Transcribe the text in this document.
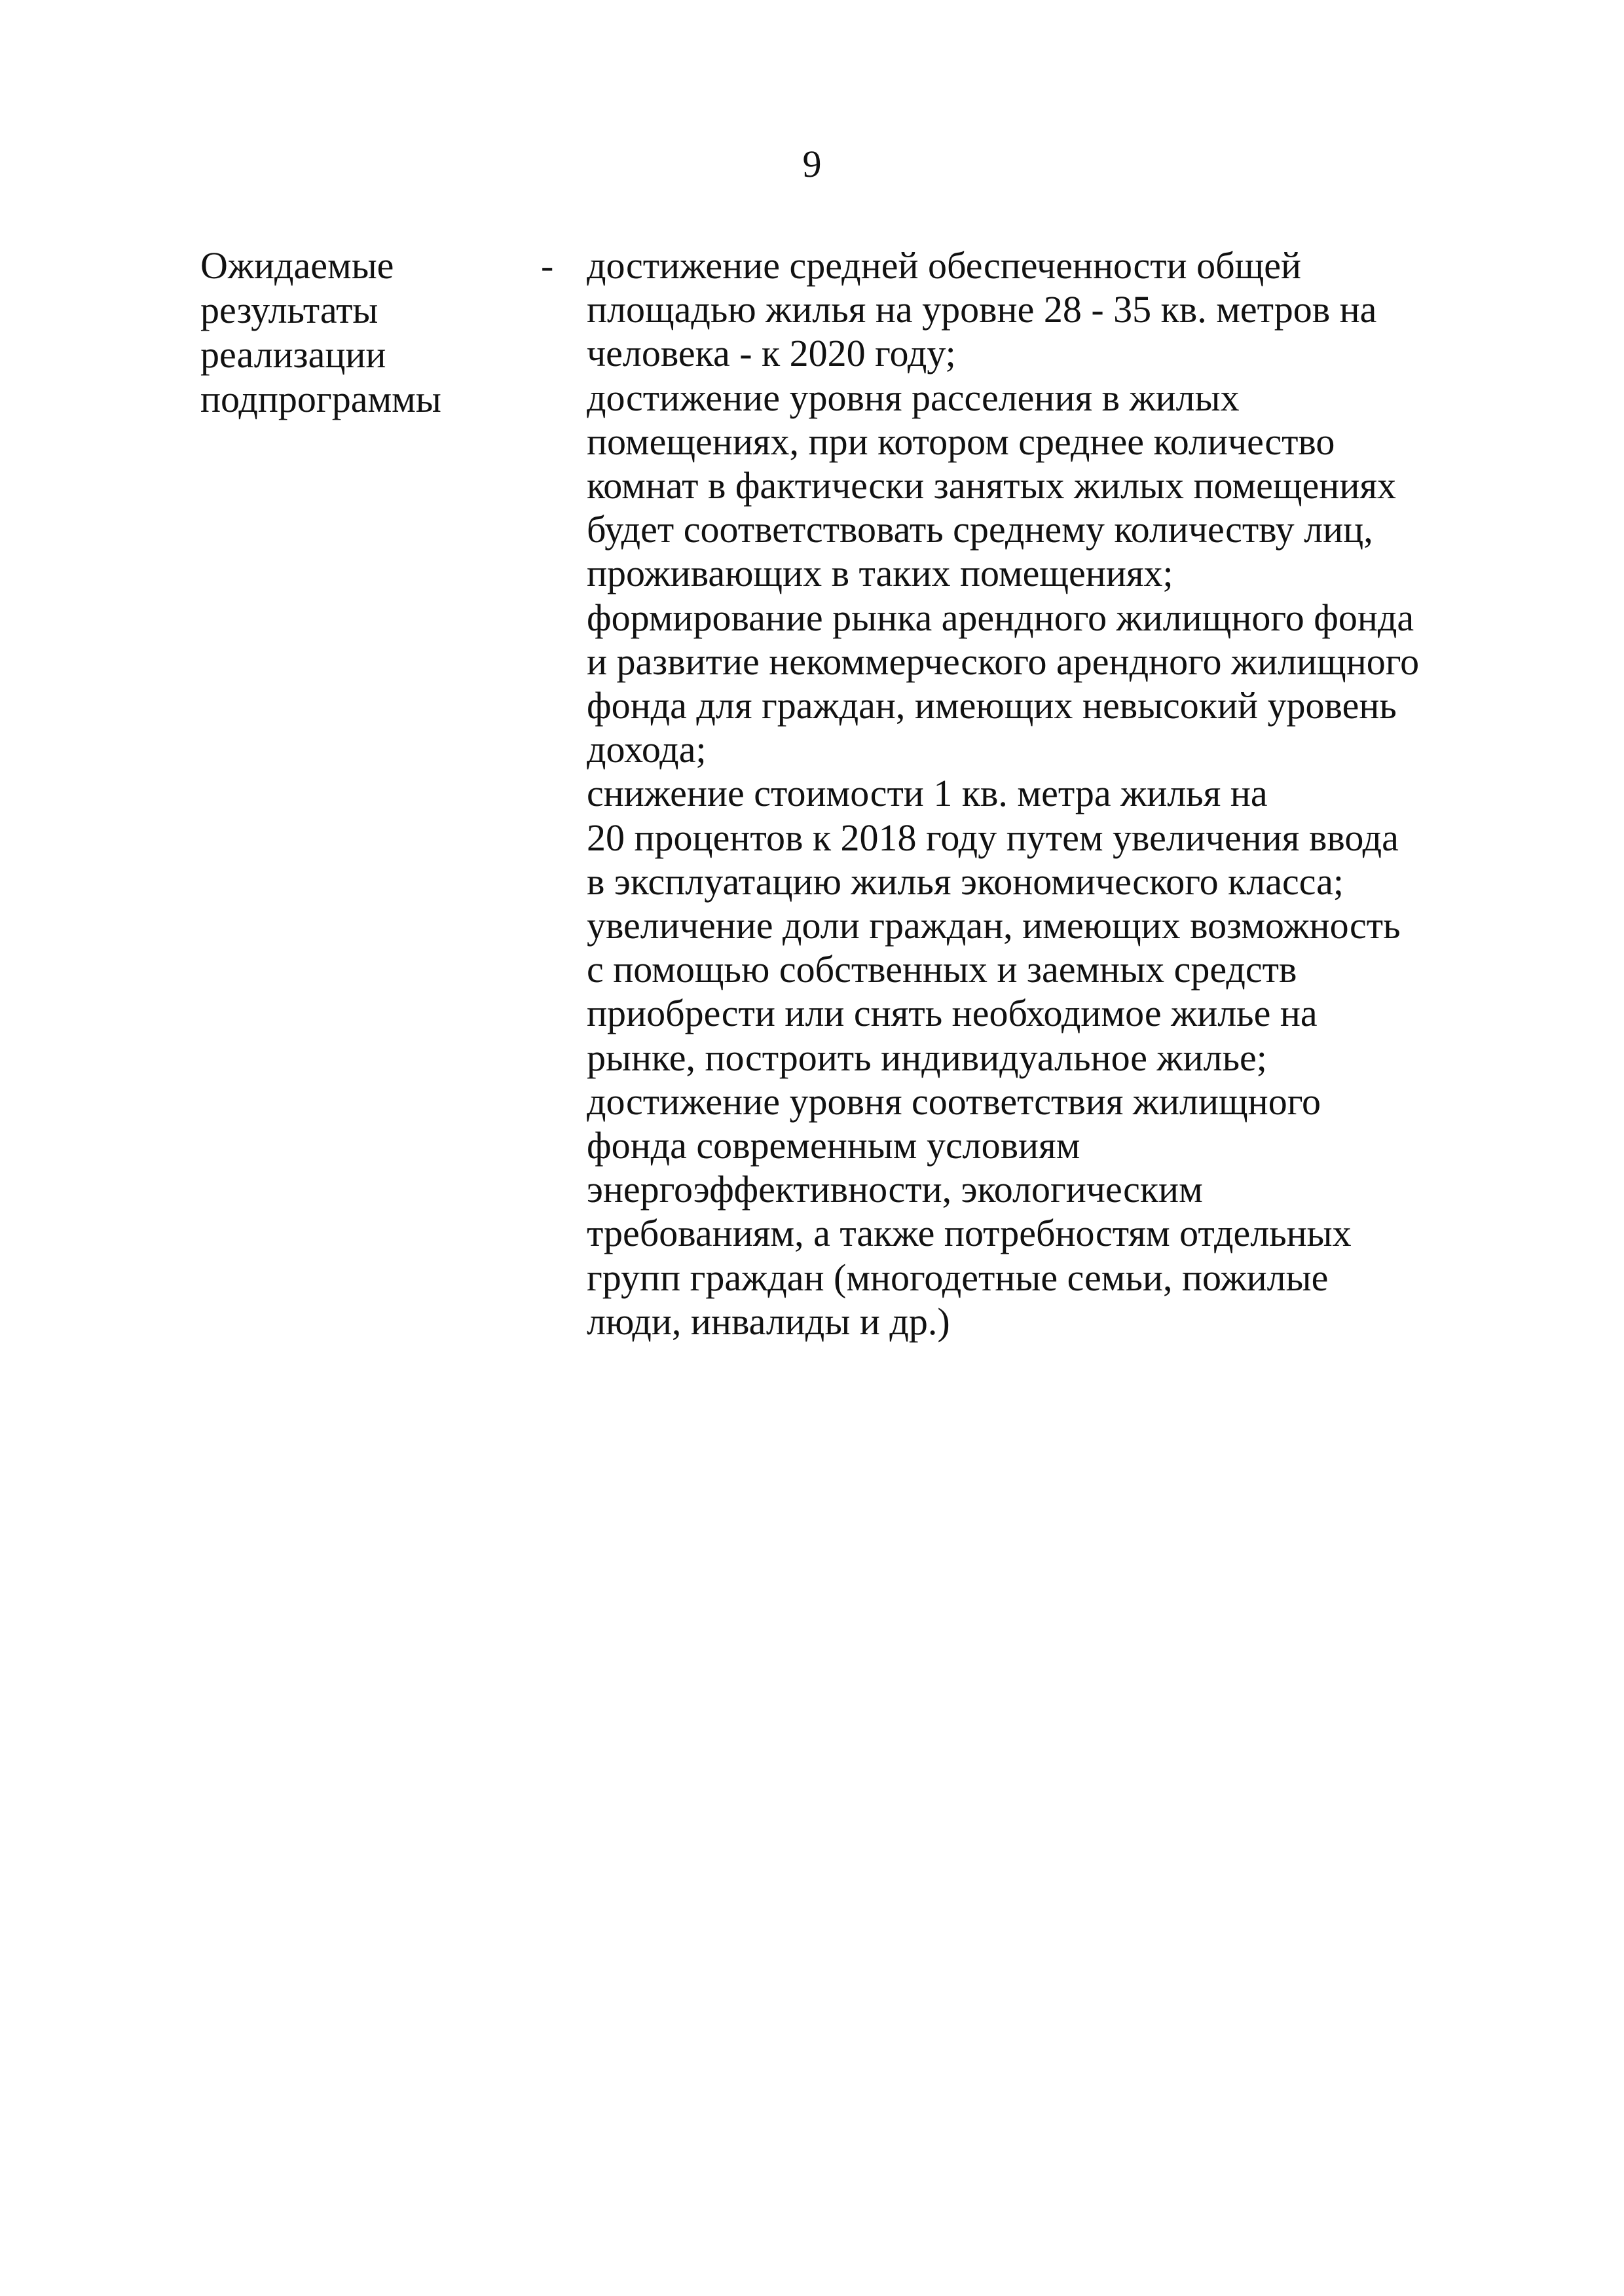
9
Ожидаемые
результаты
реализации
подпрограммы
- достижение средней обеспеченности общей
площадью жилья на уровне 28 - 35 кв. метров на
человека - к 2020 году;
достижение уровня расселения в жилых
помещениях, при котором среднее количество
комнат в фактически занятых жилых помещениях
будет соответствовать среднему количеству лиц,
проживающих в таких помещениях;
формирование рынка арендного жилищного фонда
и развитие некоммерческого арендного жилищного
фонда для граждан, имеющих невысокий уровень
дохода;
снижение стоимости 1 кв. метра жилья на
20 процентов к 2018 году путем увеличения ввода
в эксплуатацию жилья экономического класса;
увеличение доли граждан, имеющих возможность
с помощью собственных и заемных средств
приобрести или снять необходимое жилье на
рынке, построить индивидуальное жилье;
достижение уровня соответствия жилищного
фонда современным условиям
энергоэффективности, экологическим
требованиям, а также потребностям отдельных
групп граждан (многодетные семьи, пожилые
люди, инвалиды и др.)
